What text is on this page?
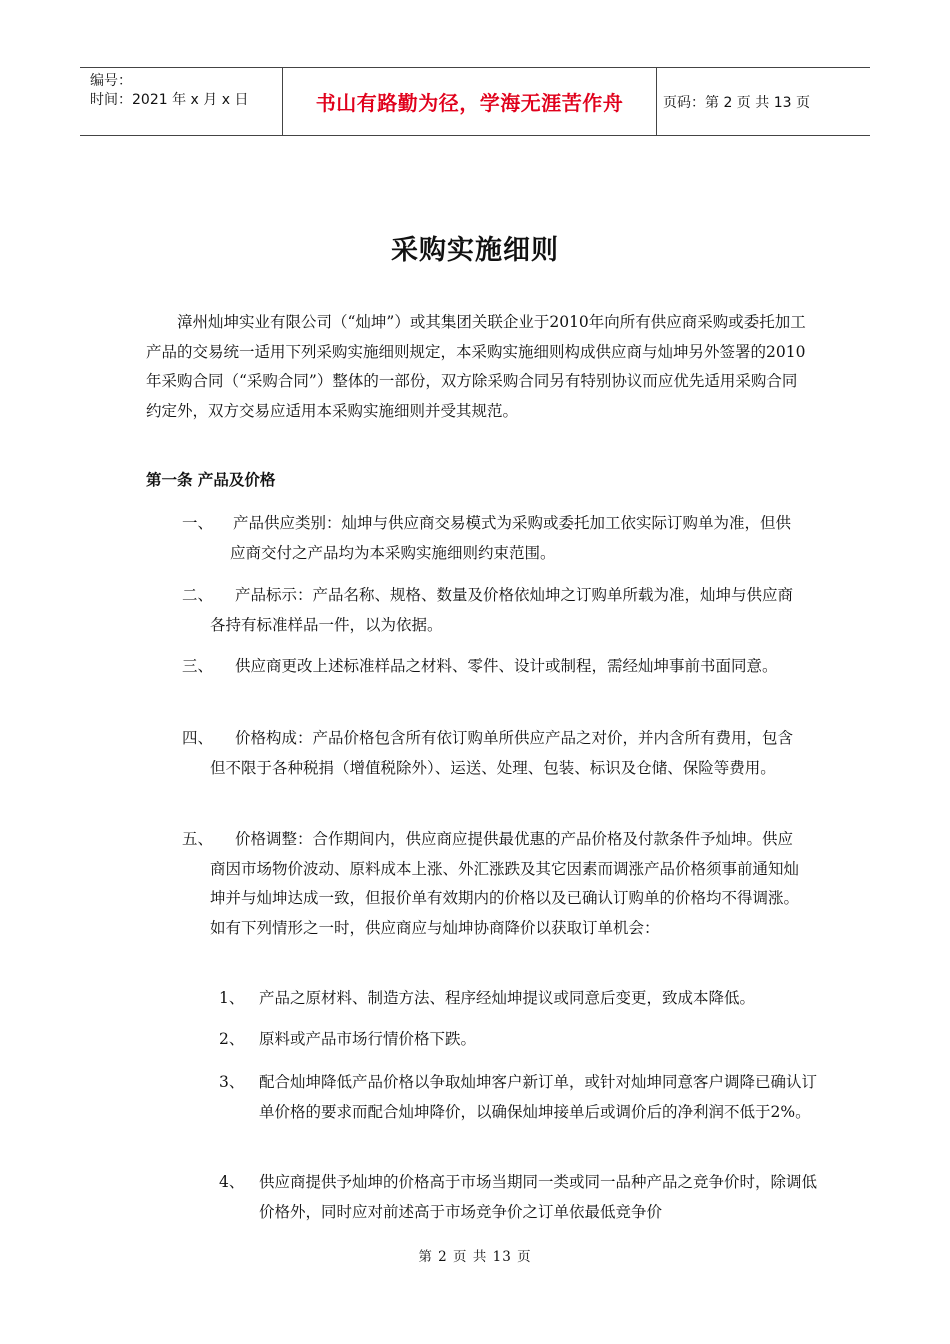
编号：
时间：2021 年 x 月 x 日	书山有路勤为径，学海无涯苦作舟	页码：第 2 页 共 13 页
采购实施细则
漳州灿坤实业有限公司（“灿坤”）或其集团关联企业于2010年向所有供应商采购或委托加工产品的交易统一适用下列采购实施细则规定，本采购实施细则构成供应商与灿坤另外签署的2010年采购合同（“采购合同”）整体的一部份，双方除采购合同另有特别协议而应优先适用采购合同约定外，双方交易应适用本采购实施细则并受其规范。
第一条 产品及价格
一、	产品供应类别：灿坤与供应商交易模式为采购或委托加工依实际订购单为准，但供应商交付之产品均为本采购实施细则约束范围。
二、	产品标示：产品名称、规格、数量及价格依灿坤之订购单所载为准，灿坤与供应商各持有标准样品一件，以为依据。
三、	供应商更改上述标准样品之材料、零件、设计或制程，需经灿坤事前书面同意。
四、	价格构成：产品价格包含所有依订购单所供应产品之对价，并内含所有费用，包含但不限于各种税捐（增值税除外）、运送、处理、包装、标识及仓储、保险等费用。
五、	价格调整：合作期间内，供应商应提供最优惠的产品价格及付款条件予灿坤。供应商因市场物价波动、原料成本上涨、外汇涨跌及其它因素而调涨产品价格须事前通知灿坤并与灿坤达成一致，但报价单有效期内的价格以及已确认订购单的价格均不得调涨。如有下列情形之一时，供应商应与灿坤协商降价以获取订单机会：
1、 产品之原材料、制造方法、程序经灿坤提议或同意后变更，致成本降低。
2、 原料或产品市场行情价格下跌。
3、 配合灿坤降低产品价格以争取灿坤客户新订单，或针对灿坤同意客户调降已确认订单价格的要求而配合灿坤降价，以确保灿坤接单后或调价后的净利润不低于2%。
4、 供应商提供予灿坤的价格高于市场当期同一类或同一品种产品之竞争价时，除调低价格外，同时应对前述高于市场竞争价之订单依最低竞争价
第 2 页 共 13 页
